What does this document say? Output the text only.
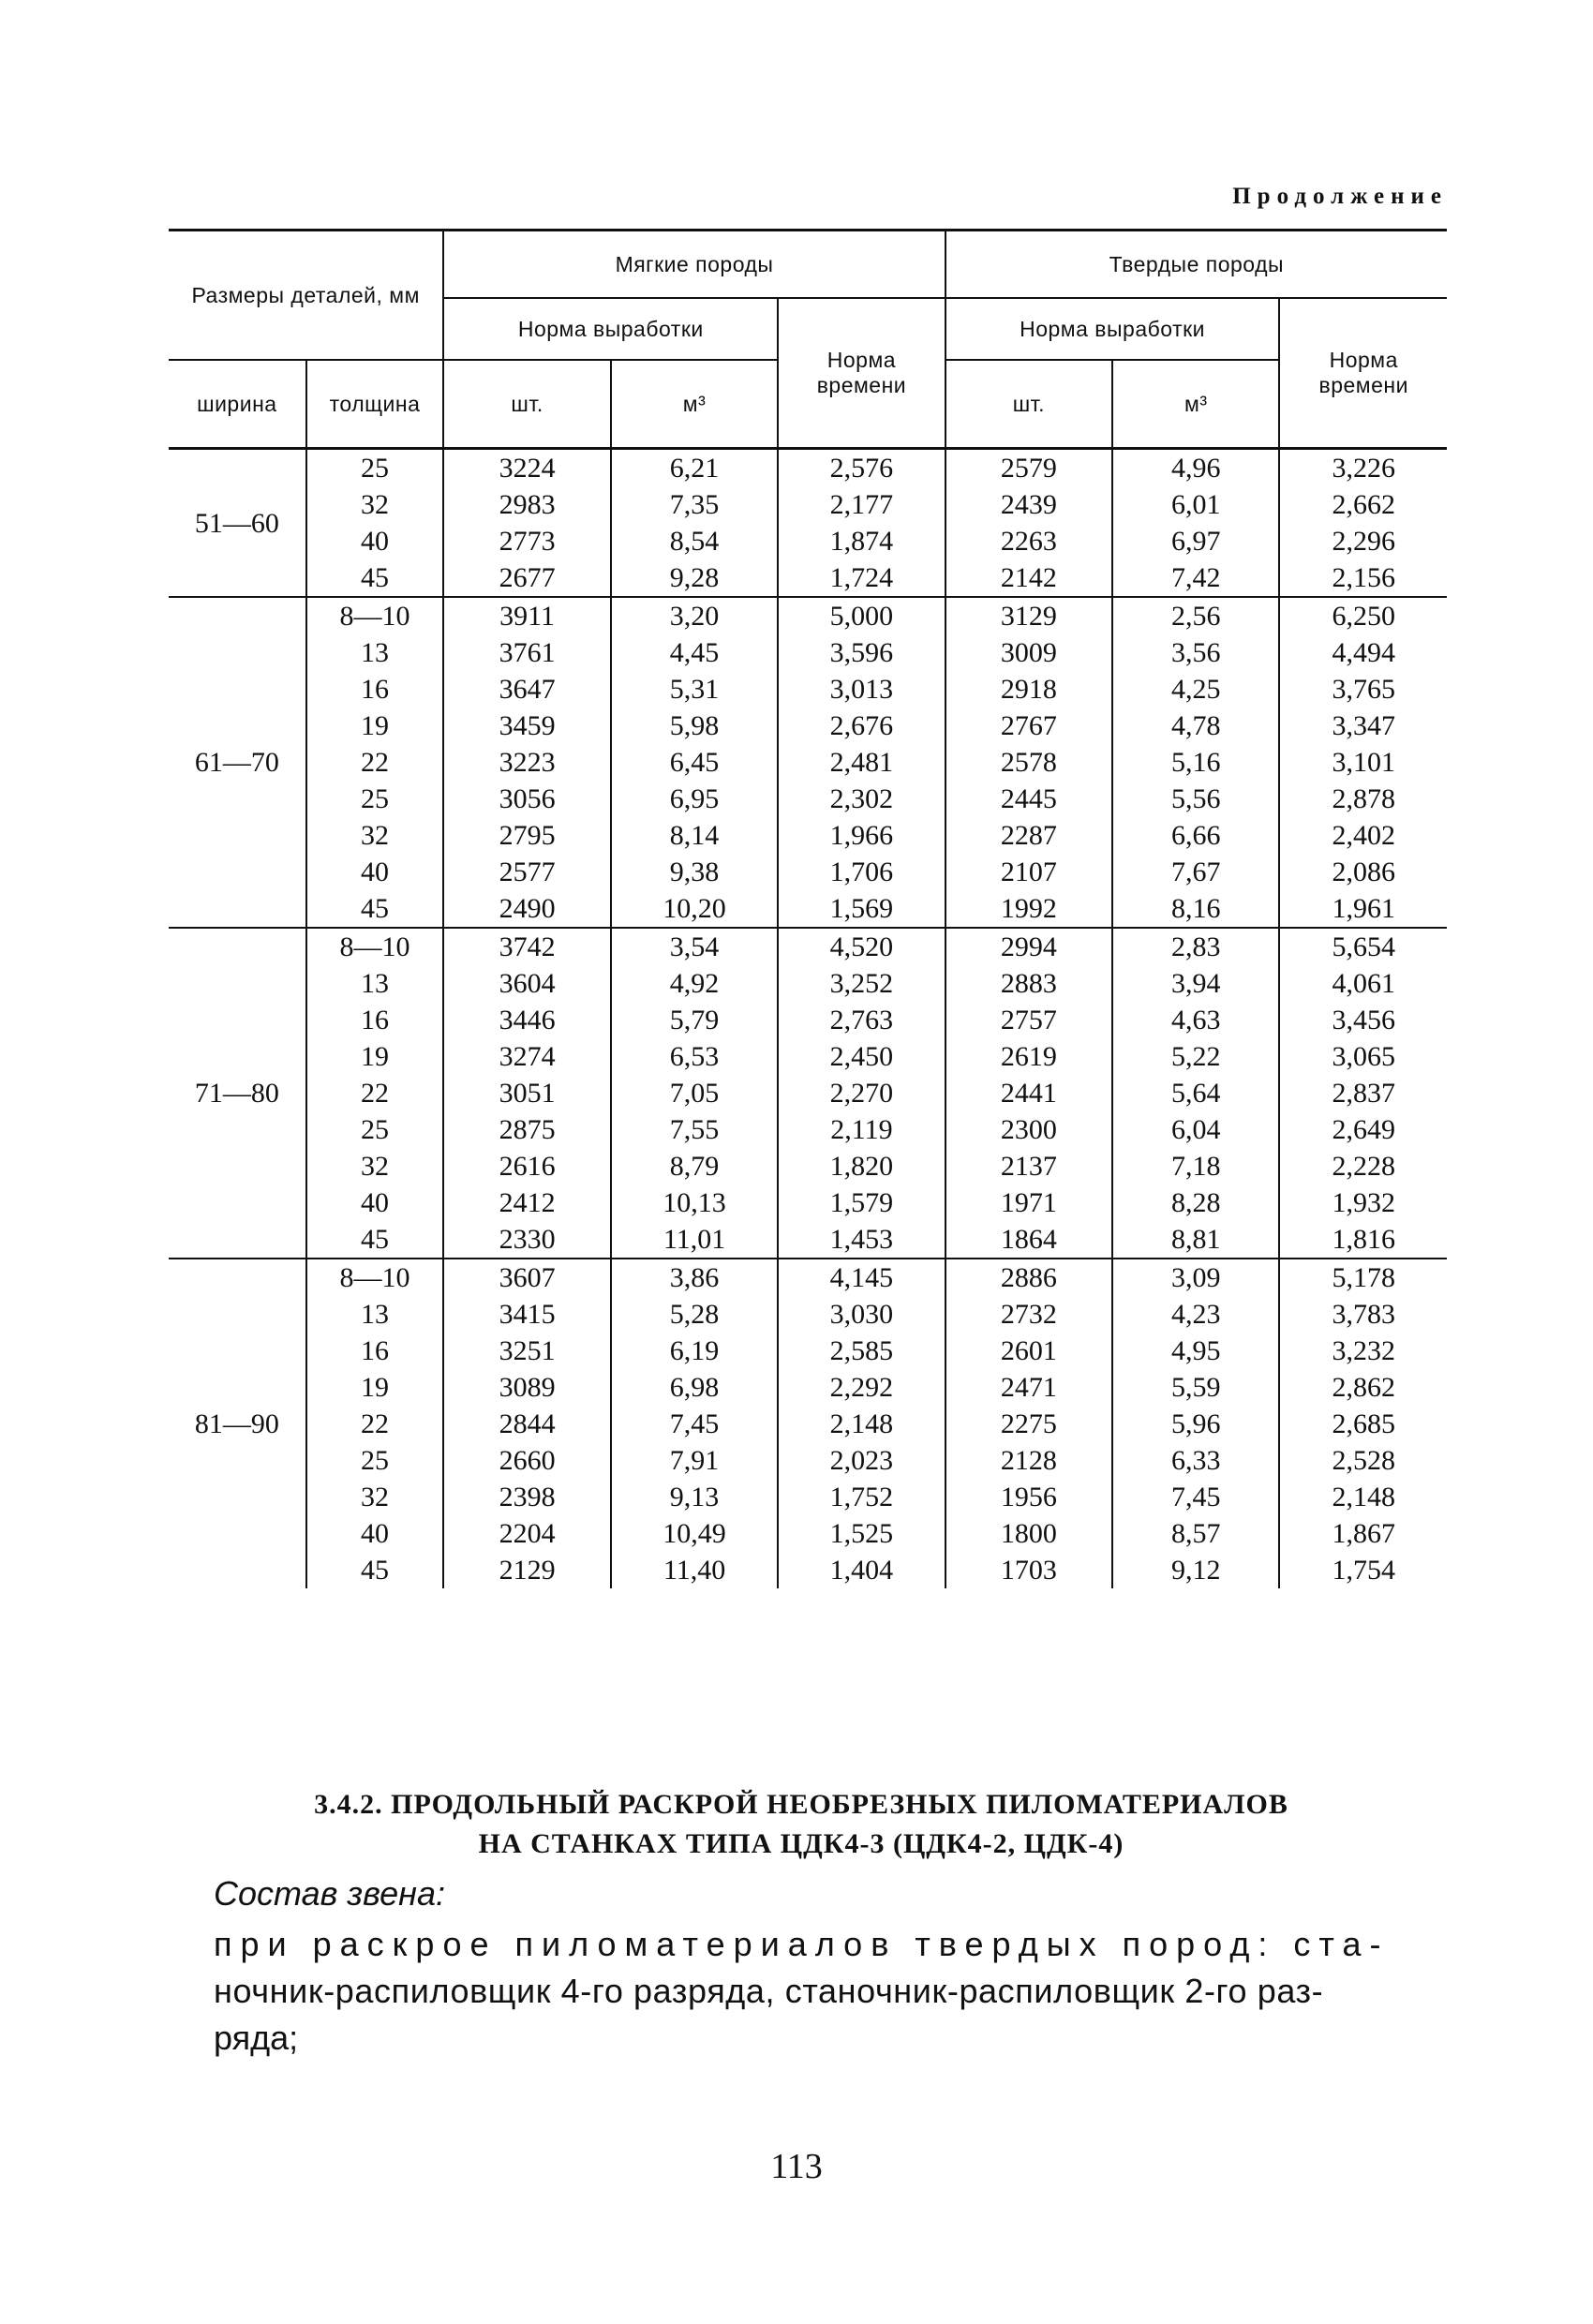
Продолжение
Размеры деталей, мм		Мягкие породы			Твердые породы		
		Норма выработки		Норма времени	Норма выработки		Норма времени
ширина	толщина	шт.	м³		шт.	м³	
51—60	25	3224	6,21	2,576	2579	4,96	3,226
	32	2983	7,35	2,177	2439	6,01	2,662
	40	2773	8,54	1,874	2263	6,97	2,296
	45	2677	9,28	1,724	2142	7,42	2,156
61—70	8—10	3911	3,20	5,000	3129	2,56	6,250
	13	3761	4,45	3,596	3009	3,56	4,494
	16	3647	5,31	3,013	2918	4,25	3,765
	19	3459	5,98	2,676	2767	4,78	3,347
	22	3223	6,45	2,481	2578	5,16	3,101
	25	3056	6,95	2,302	2445	5,56	2,878
	32	2795	8,14	1,966	2287	6,66	2,402
	40	2577	9,38	1,706	2107	7,67	2,086
	45	2490	10,20	1,569	1992	8,16	1,961
71—80	8—10	3742	3,54	4,520	2994	2,83	5,654
	13	3604	4,92	3,252	2883	3,94	4,061
	16	3446	5,79	2,763	2757	4,63	3,456
	19	3274	6,53	2,450	2619	5,22	3,065
	22	3051	7,05	2,270	2441	5,64	2,837
	25	2875	7,55	2,119	2300	6,04	2,649
	32	2616	8,79	1,820	2137	7,18	2,228
	40	2412	10,13	1,579	1971	8,28	1,932
	45	2330	11,01	1,453	1864	8,81	1,816
81—90	8—10	3607	3,86	4,145	2886	3,09	5,178
	13	3415	5,28	3,030	2732	4,23	3,783
	16	3251	6,19	2,585	2601	4,95	3,232
	19	3089	6,98	2,292	2471	5,59	2,862
	22	2844	7,45	2,148	2275	5,96	2,685
	25	2660	7,91	2,023	2128	6,33	2,528
	32	2398	9,13	1,752	1956	7,45	2,148
	40	2204	10,49	1,525	1800	8,57	1,867
	45	2129	11,40	1,404	1703	9,12	1,754
3.4.2. ПРОДОЛЬНЫЙ РАСКРОЙ НЕОБРЕЗНЫХ ПИЛОМАТЕРИАЛОВ
НА СТАНКАХ ТИПА ЦДК4-3 (ЦДК4-2, ЦДК-4)
Состав звена:
при раскрое пиломатериалов твердых пород: ста-
ночник-распиловщик 4-го разряда, станочник-распиловщик 2-го раз-
ряда;
113
